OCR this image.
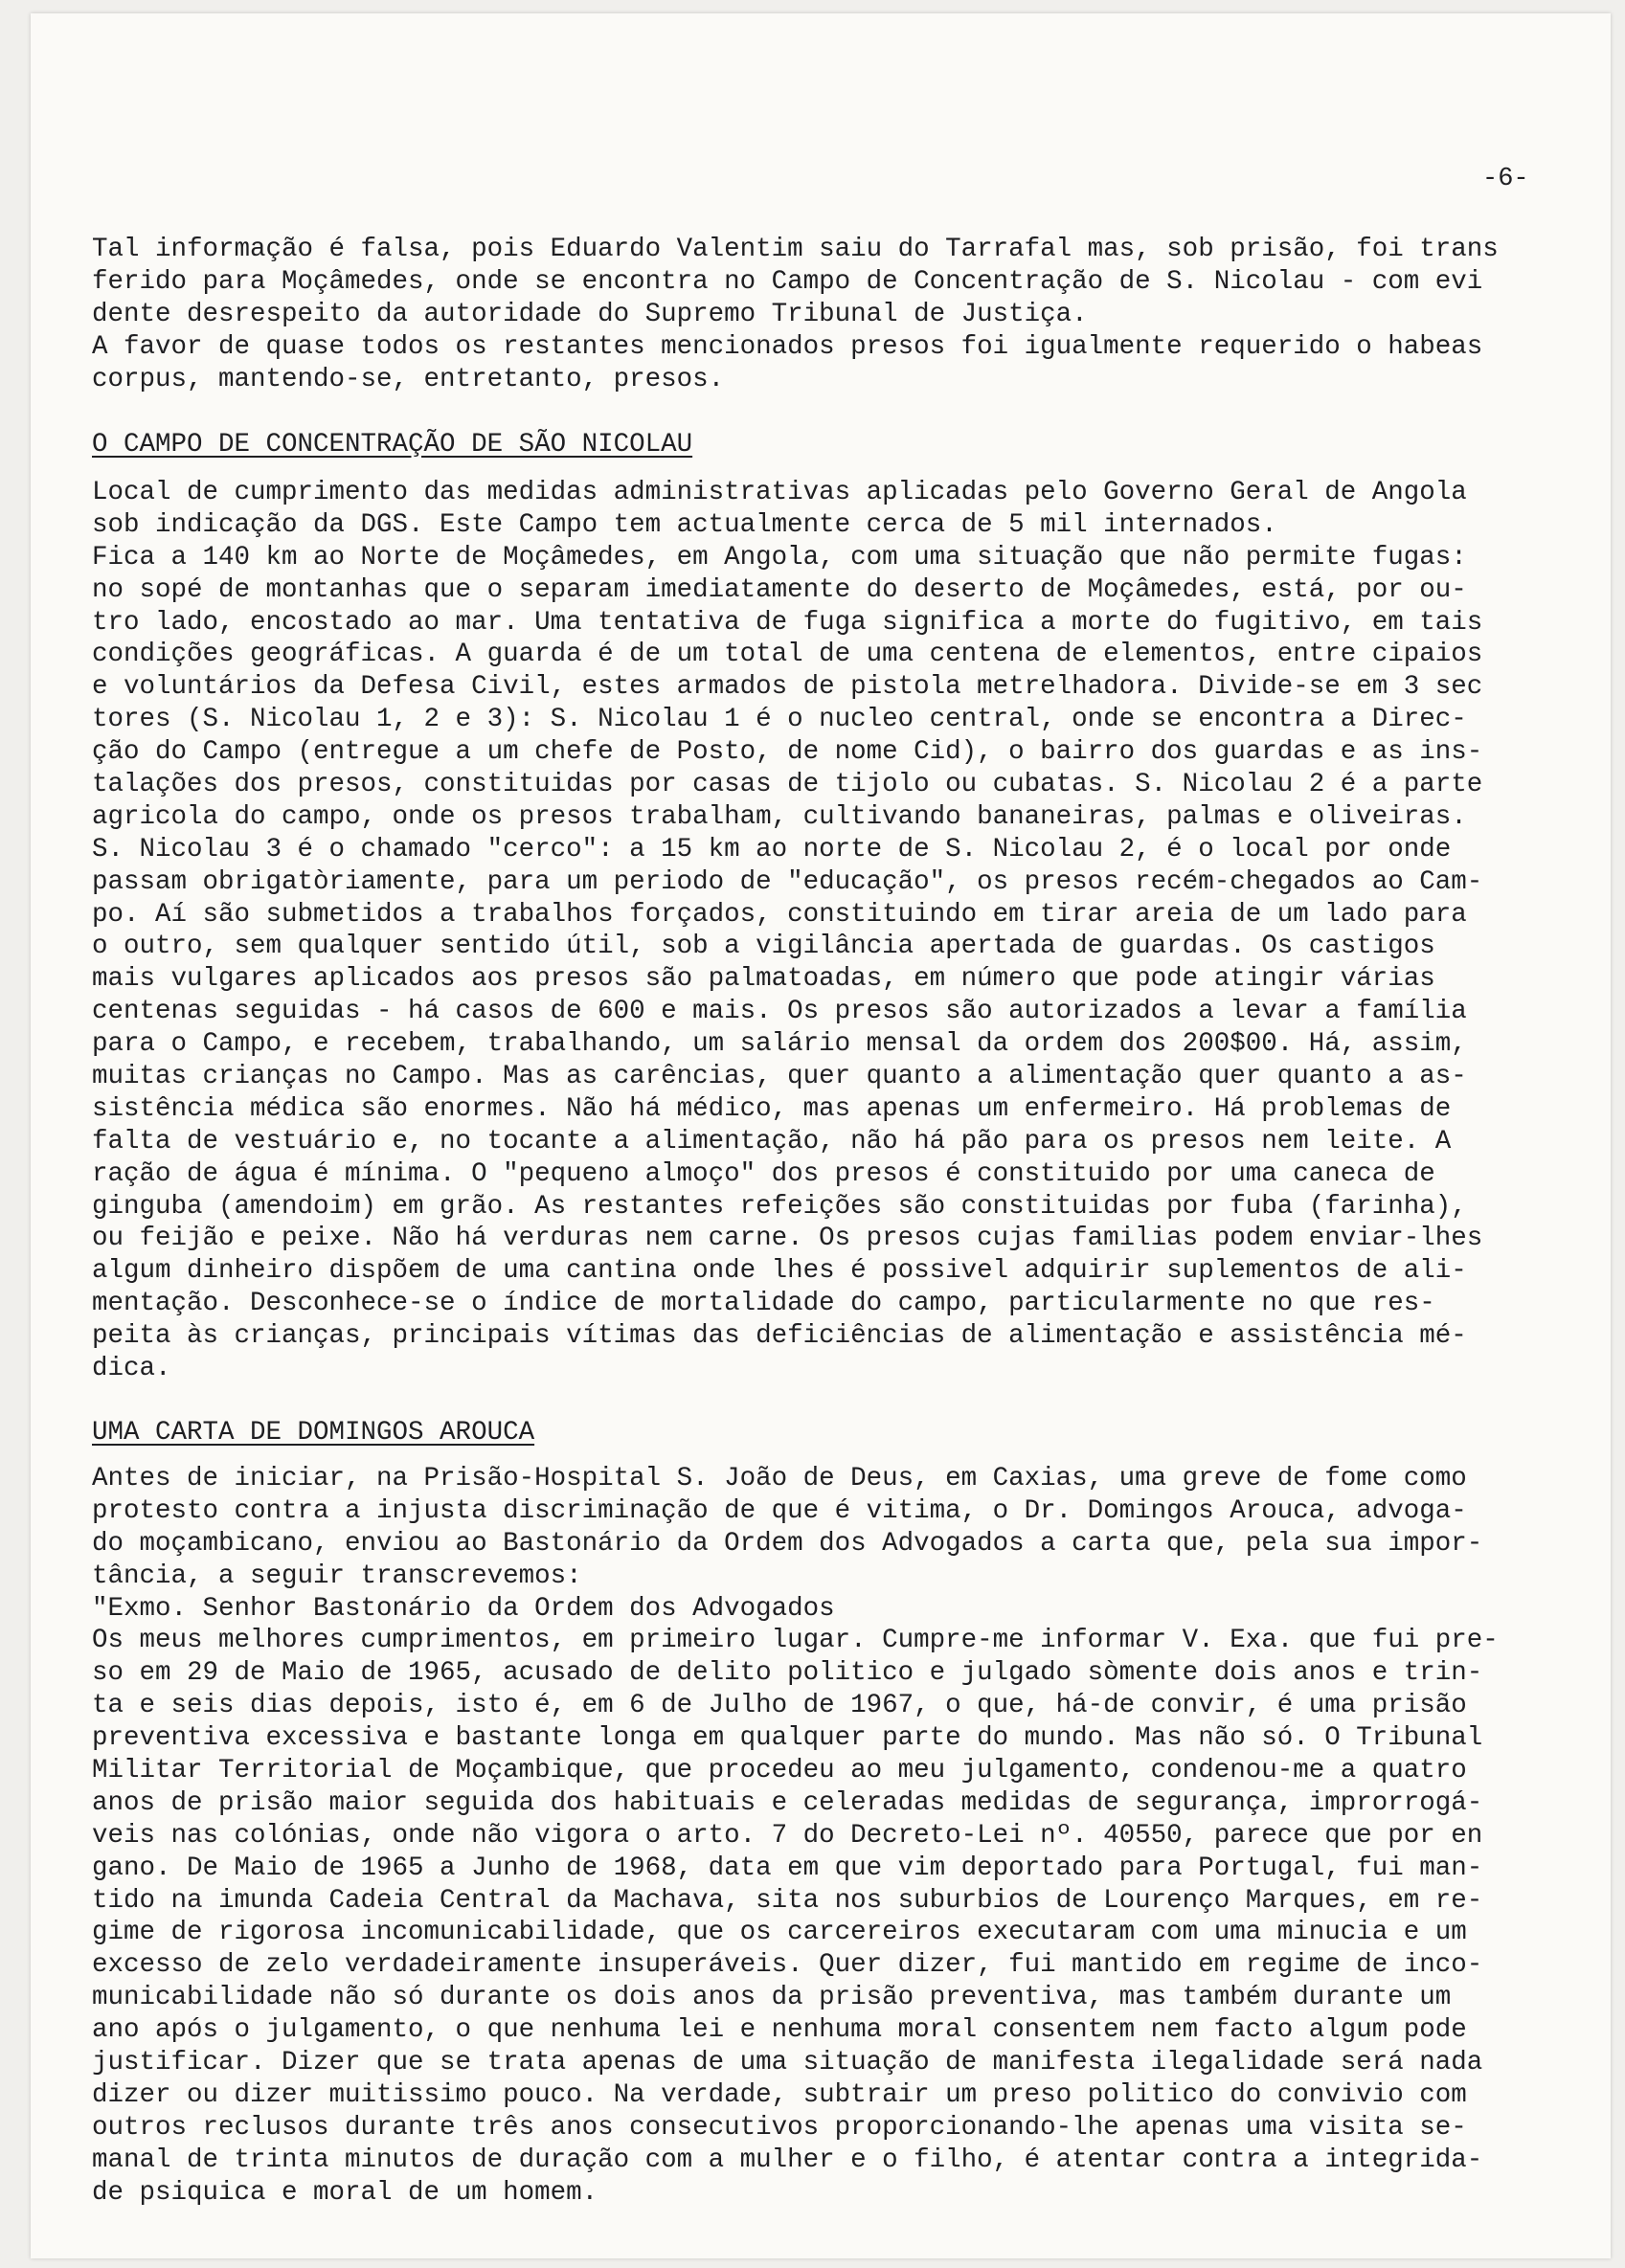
-6-
Tal informação é falsa, pois Eduardo Valentim saiu do Tarrafal mas, sob prisão, foi trans
ferido para Moçâmedes, onde se encontra no Campo de Concentração de S. Nicolau - com evi
dente desrespeito da autoridade do Supremo Tribunal de Justiça.
A favor de quase todos os restantes mencionados presos foi igualmente requerido o habeas
corpus, mantendo-se, entretanto, presos.
O CAMPO DE CONCENTRAÇÃO DE SÃO NICOLAU
Local de cumprimento das medidas administrativas aplicadas pelo Governo Geral de Angola
sob indicação da DGS. Este Campo tem actualmente cerca de 5 mil internados.
Fica a 140 km ao Norte de Moçâmedes, em Angola, com uma situação que não permite fugas:
no sopé de montanhas que o separam imediatamente do deserto de Moçâmedes, está, por ou-
tro lado, encostado ao mar. Uma tentativa de fuga significa a morte do fugitivo, em tais
condições geográficas. A guarda é de um total de uma centena de elementos, entre cipaios
e voluntários da Defesa Civil, estes armados de pistola metrelhadora. Divide-se em 3 sec
tores (S. Nicolau 1, 2 e 3): S. Nicolau 1 é o nucleo central, onde se encontra a Direc-
ção do Campo (entregue a um chefe de Posto, de nome Cid), o bairro dos guardas e as ins-
talações dos presos, constituidas por casas de tijolo ou cubatas. S. Nicolau 2 é a parte
agricola do campo, onde os presos trabalham, cultivando bananeiras, palmas e oliveiras.
S. Nicolau 3 é o chamado "cerco": a 15 km ao norte de S. Nicolau 2, é o local por onde
passam obrigatòriamente, para um periodo de "educação", os presos recém-chegados ao Cam-
po. Aí são submetidos a trabalhos forçados, constituindo em tirar areia de um lado para
o outro, sem qualquer sentido útil, sob a vigilância apertada de guardas. Os castigos
mais vulgares aplicados aos presos são palmatoadas, em número que pode atingir várias
centenas seguidas - há casos de 600 e mais. Os presos são autorizados a levar a família
para o Campo, e recebem, trabalhando, um salário mensal da ordem dos 200$00. Há, assim,
muitas crianças no Campo. Mas as carências, quer quanto a alimentação quer quanto a as-
sistência médica são enormes. Não há médico, mas apenas um enfermeiro. Há problemas de
falta de vestuário e, no tocante a alimentação, não há pão para os presos nem leite. A
ração de água é mínima. O "pequeno almoço" dos presos é constituido por uma caneca de
ginguba (amendoim) em grão. As restantes refeições são constituidas por fuba (farinha),
ou feijão e peixe. Não há verduras nem carne. Os presos cujas familias podem enviar-lhes
algum dinheiro dispõem de uma cantina onde lhes é possivel adquirir suplementos de ali-
mentação. Desconhece-se o índice de mortalidade do campo, particularmente no que res-
peita às crianças, principais vítimas das deficiências de alimentação e assistência mé-
dica.
UMA CARTA DE DOMINGOS AROUCA
Antes de iniciar, na Prisão-Hospital S. João de Deus, em Caxias, uma greve de fome como
protesto contra a injusta discriminação de que é vitima, o Dr. Domingos Arouca, advoga-
do moçambicano, enviou ao Bastonário da Ordem dos Advogados a carta que, pela sua impor-
tância, a seguir transcrevemos:
"Exmo. Senhor Bastonário da Ordem dos Advogados
Os meus melhores cumprimentos, em primeiro lugar. Cumpre-me informar V. Exa. que fui pre-
so em 29 de Maio de 1965, acusado de delito politico e julgado sòmente dois anos e trin-
ta e seis dias depois, isto é, em 6 de Julho de 1967, o que, há-de convir, é uma prisão
preventiva excessiva e bastante longa em qualquer parte do mundo. Mas não só. O Tribunal
Militar Territorial de Moçambique, que procedeu ao meu julgamento, condenou-me a quatro
anos de prisão maior seguida dos habituais e celeradas medidas de segurança, improrrogá-
veis nas colónias, onde não vigora o arto. 7 do Decreto-Lei nº. 40550, parece que por en
gano. De Maio de 1965 a Junho de 1968, data em que vim deportado para Portugal, fui man-
tido na imunda Cadeia Central da Machava, sita nos suburbios de Lourenço Marques, em re-
gime de rigorosa incomunicabilidade, que os carcereiros executaram com uma minucia e um
excesso de zelo verdadeiramente insuperáveis. Quer dizer, fui mantido em regime de inco-
municabilidade não só durante os dois anos da prisão preventiva, mas também durante um
ano após o julgamento, o que nenhuma lei e nenhuma moral consentem nem facto algum pode
justificar. Dizer que se trata apenas de uma situação de manifesta ilegalidade será nada
dizer ou dizer muitissimo pouco. Na verdade, subtrair um preso politico do convivio com
outros reclusos durante três anos consecutivos proporcionando-lhe apenas uma visita se-
manal de trinta minutos de duração com a mulher e o filho, é atentar contra a integrida-
de psiquica e moral de um homem.
